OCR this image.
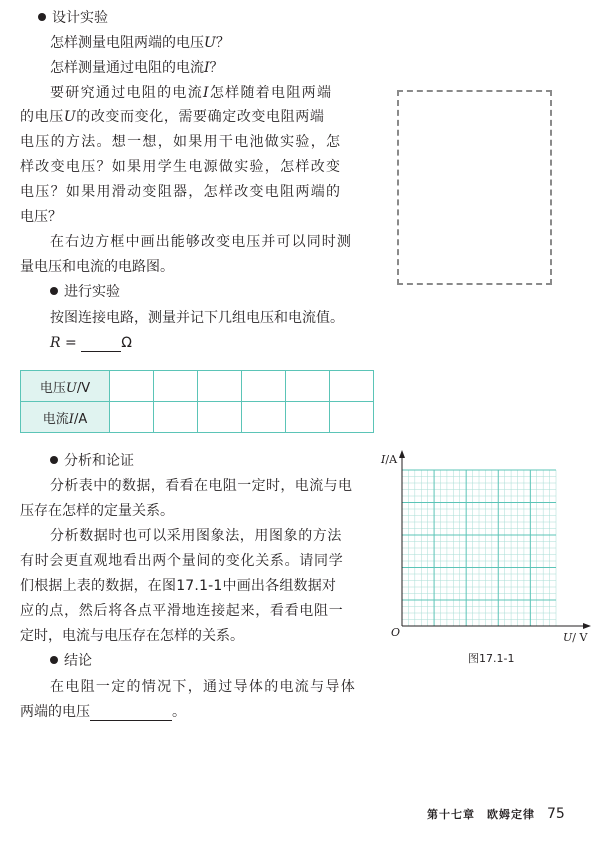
设计实验
怎样测量电阻两端的电压U？
怎样测量通过电阻的电流I？
要研究通过电阻的电流I怎样随着电阻两端
的电压U的改变而变化，需要确定改变电阻两端
电压的方法。想一想，如果用干电池做实验，怎
样改变电压？如果用学生电源做实验，怎样改变
电压？如果用滑动变阻器，怎样改变电阻两端的
电压？
在右边方框中画出能够改变电压并可以同时测
量电压和电流的电路图。
进行实验
按图连接电路，测量并记下几组电压和电流值。
R =	Ω
电压U/V						
电流I/A						
分析和论证
分析表中的数据，看看在电阻一定时，电流与电
压存在怎样的定量关系。
分析数据时也可以采用图象法，用图象的方法
有时会更直观地看出两个量间的变化关系。请同学
们根据上表的数据，在图17.1-1中画出各组数据对
应的点，然后将各点平滑地连接起来，看看电阻一
定时，电流与电压存在怎样的关系。
结论
在电阻一定的情况下，通过导体的电流与导体
两端的电压	。
I/A
U/ V
O
图17.1-1
第十七章　欧姆定律 75
